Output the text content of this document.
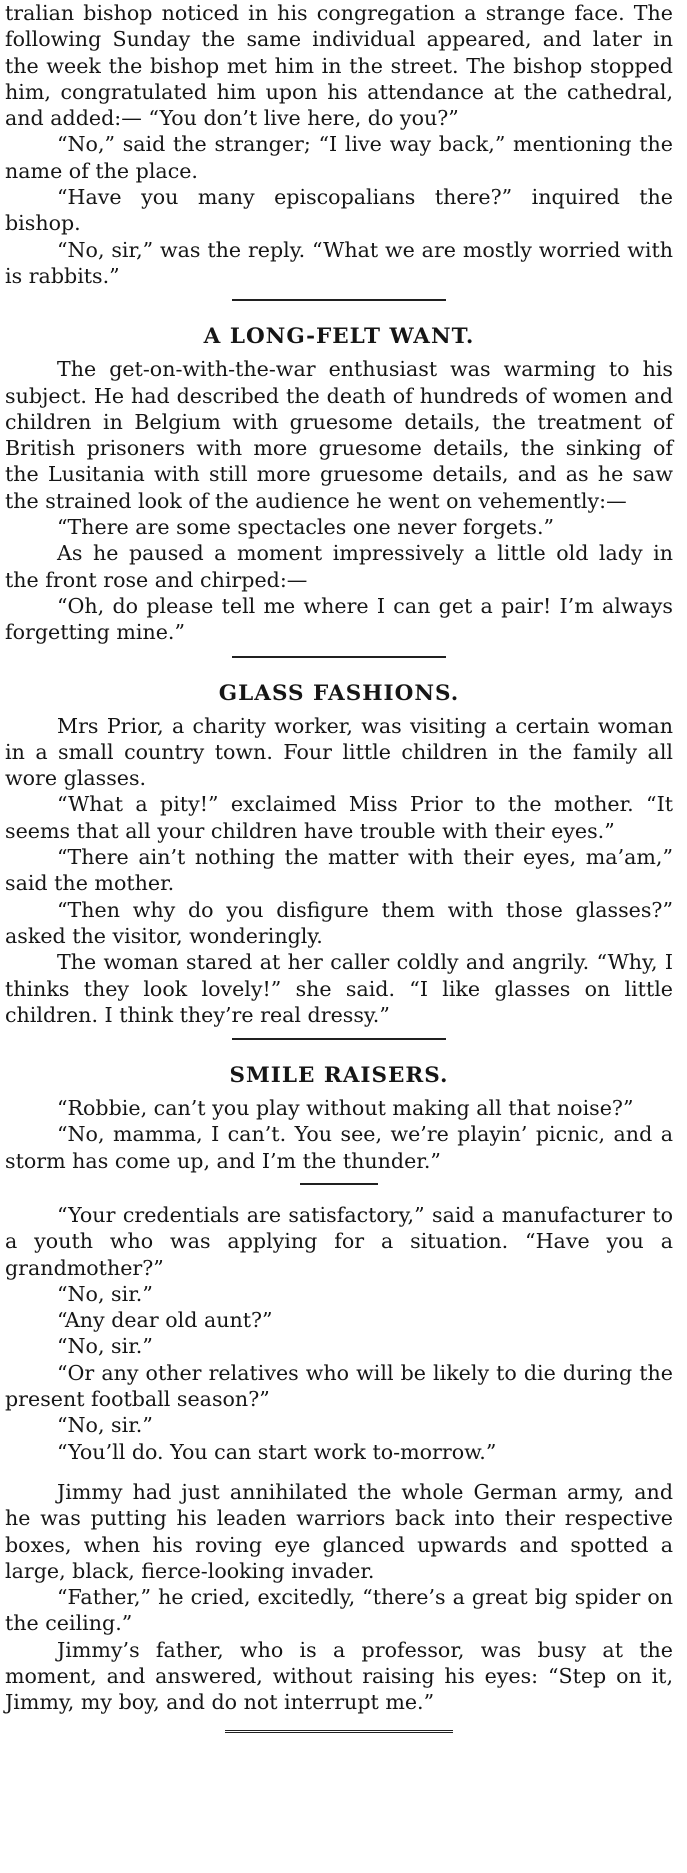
tralian bishop noticed in his congregation a strange face. The following Sunday the same individual appeared, and later in the week the bishop met him in the street. The bishop stopped him, congratulated him upon his attendance at the cathedral, and added:— “You don’t live here, do you?”

“No,” said the stranger; “I live way back,” mentioning the name of the place.

“Have you many episcopalians there?” inquired the bishop.

“No, sir,” was the reply. “What we are mostly worried with is rabbits.”

A LONG-FELT WANT.

The get-on-with-the-war enthusiast was warming to his subject. He had described the death of hundreds of women and children in Belgium with gruesome details, the treatment of British prisoners with more gruesome details, the sinking of the Lusitania with still more gruesome details, and as he saw the strained look of the audience he went on vehemently:—

“There are some spectacles one never forgets.”

As he paused a moment impressively a little old lady in the front rose and chirped:—

“Oh, do please tell me where I can get a pair! I’m always forgetting mine.”

GLASS FASHIONS.

Mrs Prior, a charity worker, was visiting a certain woman in a small country town. Four little children in the family all wore glasses.

“What a pity!” exclaimed Miss Prior to the mother. “It seems that all your children have trouble with their eyes.”

“There ain’t nothing the matter with their eyes, ma’am,” said the mother.

“Then why do you disfigure them with those glasses?” asked the visitor, wonderingly.

The woman stared at her caller coldly and angrily. “Why, I thinks they look lovely!” she said. “I like glasses on little children. I think they’re real dressy.”

SMILE RAISERS.

“Robbie, can’t you play without making all that noise?”

“No, mamma, I can’t. You see, we’re playin’ picnic, and a storm has come up, and I’m the thunder.”

“Your credentials are satisfactory,” said a manufacturer to a youth who was applying for a situation. “Have you a grandmother?”

“No, sir.”

“Any dear old aunt?”

“No, sir.”

“Or any other relatives who will be likely to die during the present football season?”

“No, sir.”

“You’ll do. You can start work to-morrow.”

Jimmy had just annihilated the whole German army, and he was putting his leaden warriors back into their respective boxes, when his roving eye glanced upwards and spotted a large, black, fierce-looking invader.

“Father,” he cried, excitedly, “there’s a great big spider on the ceiling.”

Jimmy’s father, who is a professor, was busy at the moment, and answered, without raising his eyes: “Step on it, Jimmy, my boy, and do not interrupt me.”
